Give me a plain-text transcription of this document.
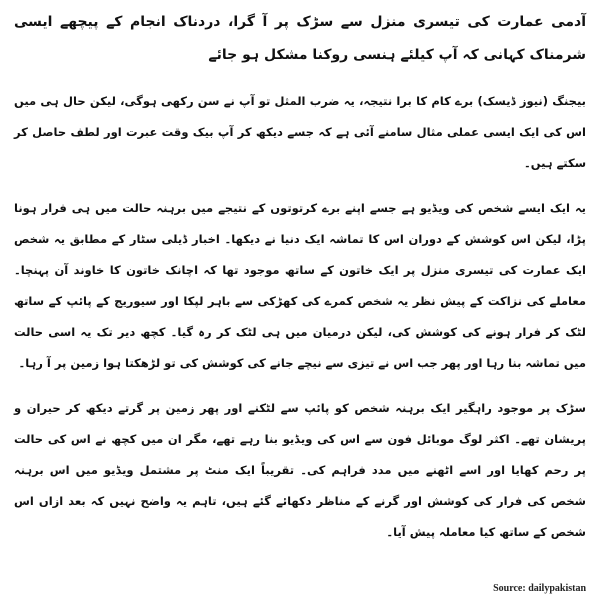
آدمی عمارت کی تیسری منزل سے سڑک پر آ گرا، دردناک انجام کے پیچھے ایسی شرمناک کہانی کہ آپ کیلئے ہنسی روکنا مشکل ہو جائے
بیجنگ (نیوز ڈیسک) برے کام کا برا نتیجہ، یہ ضرب المثل تو آپ نے سن رکھی ہوگی، لیکن حال ہی میں اس کی ایک ایسی عملی مثال سامنے آئی ہے کہ جسے دیکھ کر آپ بیک وقت عبرت اور لطف حاصل کر سکتے ہیں۔
یہ ایک ایسے شخص کی ویڈیو ہے جسے اپنے برے کرتوتوں کے نتیجے میں برہنہ حالت میں ہی فرار ہونا پڑا، لیکن اس کوشش کے دوران اس کا تماشہ ایک دنیا نے دیکھا۔ اخبار ڈیلی سٹار کے مطابق یہ شخص ایک عمارت کی تیسری منزل پر ایک خاتون کے ساتھ موجود تھا کہ اچانک خاتون کا خاوند آن پہنچا۔ معاملے کی نزاکت کے پیش نظر یہ شخص کمرے کی کھڑکی سے باہر لپکا اور سیوریج کے پائپ کے ساتھ لٹک کر فرار ہونے کی کوشش کی، لیکن درمیان میں ہی لٹک کر رہ گیا۔ کچھ دیر تک یہ اسی حالت میں تماشہ بنا رہا اور پھر جب اس نے تیزی سے نیچے جانے کی کوشش کی تو لڑھکتا ہوا زمین پر آ رہا۔
سڑک پر موجود راہگیر ایک برہنہ شخص کو پائپ سے لٹکنے اور پھر زمین پر گرتے دیکھ کر حیران و پریشان تھے۔ اکثر لوگ موبائل فون سے اس کی ویڈیو بنا رہے تھے، مگر ان میں کچھ نے اس کی حالت پر رحم کھایا اور اسے اٹھنے میں مدد فراہم کی۔ تقریباً ایک منٹ پر مشتمل ویڈیو میں اس برہنہ شخص کی فرار کی کوشش اور گرنے کے مناظر دکھائے گئے ہیں، تاہم یہ واضح نہیں کہ بعد ازاں اس شخص کے ساتھ کیا معاملہ پیش آیا۔
Source: dailypakistan
